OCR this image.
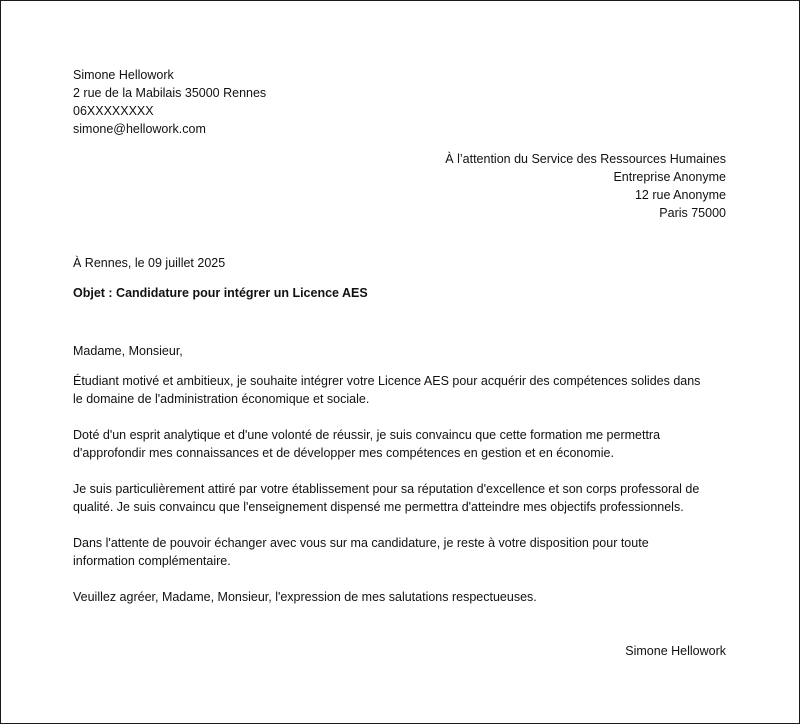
Simone Hellowork
2 rue de la Mabilais 35000 Rennes
06XXXXXXXX
simone@hellowork.com
À l’attention du Service des Ressources Humaines
Entreprise Anonyme
12 rue Anonyme
Paris 75000
À Rennes, le 09 juillet 2025
Objet : Candidature pour intégrer un Licence AES
Madame, Monsieur,
Étudiant motivé et ambitieux, je souhaite intégrer votre Licence AES pour acquérir des compétences solides dans
le domaine de l'administration économique et sociale.
Doté d'un esprit analytique et d'une volonté de réussir, je suis convaincu que cette formation me permettra
d'approfondir mes connaissances et de développer mes compétences en gestion et en économie.
Je suis particulièrement attiré par votre établissement pour sa réputation d'excellence et son corps professoral de
qualité. Je suis convaincu que l'enseignement dispensé me permettra d'atteindre mes objectifs professionnels.
Dans l'attente de pouvoir échanger avec vous sur ma candidature, je reste à votre disposition pour toute
information complémentaire.
Veuillez agréer, Madame, Monsieur, l'expression de mes salutations respectueuses.
Simone Hellowork
